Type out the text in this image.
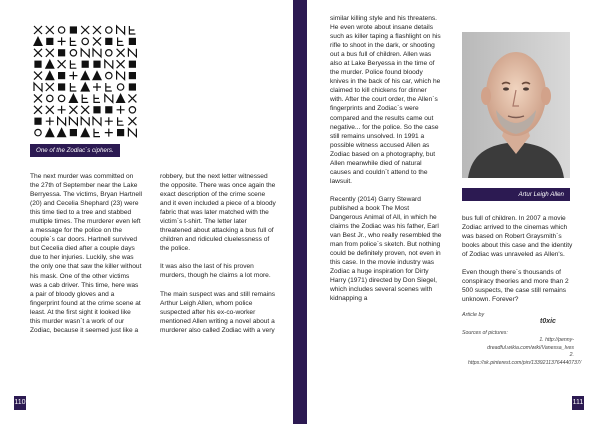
One of the Zodiac`s ciphers.

The next murder was committed on the 27th of September near the Lake Berryessa. The victims, Bryan Hartnell (20) and Cecelia Shephard (23) were this time tied to a tree and stabbed multiple times. The murderer even left a message for the police on the couple`s car doors. Hartnell survived but Cecelia died after a couple days due to her injuries. Luckily, she was the only one that saw the killer without his mask. One of the other victims was a cab driver. This time, here was a pair of bloody gloves and a fingerprint found at the crime scene at least. At the first sight it looked like this murder wasn`t a work of our Zodiac, because it seemed just like a

robbery, but the next letter witnessed the opposite. There was once again the exact description of the crime scene and it even included a piece of a bloody fabric that was later matched with the victim`s t-shirt. The letter later threatened about attacking a bus full of children and ridiculed cluelessness of the police.

It was also the last of his proven murders, though he claims a lot more.

The main suspect was and still remains Arthur Leigh Allen, whom police suspected after his ex-co-worker mentioned Allen writing a novel about a murderer also called Zodiac with a very

110

similar killing style and his threatens. He even wrote about insane details such as killer taping a flashlight on his rifle to shoot in the dark, or shooting out a bus full of children. Allen was also at Lake Beryessa in the time of the murder. Police found bloody knives in the back of his car, which he claimed to kill chickens for dinner with. After the court order, the Allen`s fingerprints and Zodiac`s were compared and the results came out negative... for the police. So the case still remains unsolved. In 1991 a possible witness accused Allen as Zodiac based on a photography, but Allen meanwhile died of natural causes and couldn`t attend to the lawsuit.

Recently (2014) Garry Steward published a book The Most Dangerous Animal of All, in which he claims the Zodiac was his father, Earl van Best Jr., who really resembled the man from police`s sketch. But nothing could be definitely proven, not even in this case. In the movie industry was Zodiac a huge inspiration for Dirty Harry (1971) directed by Don Siegel, which includes several scenes with kidnapping a

Artur Leigh Allen

bus full of children. In 2007 a movie Zodiac arrived to the cinemas which was based on Robert Graysmith`s books about this case and the identity of Zodiac was unraveled as Allen's.

Even though there`s thousands of conspiracy theories and more than 2 500 suspects, the case still remains unknown. Forever?

Article by
t0xic
Sources of pictures:
1. http://penny-dreadful.wikia.com/wiki/Vanessa_Ives
2. https://sk.pinterest.com/pin/13392113764440737/
111
